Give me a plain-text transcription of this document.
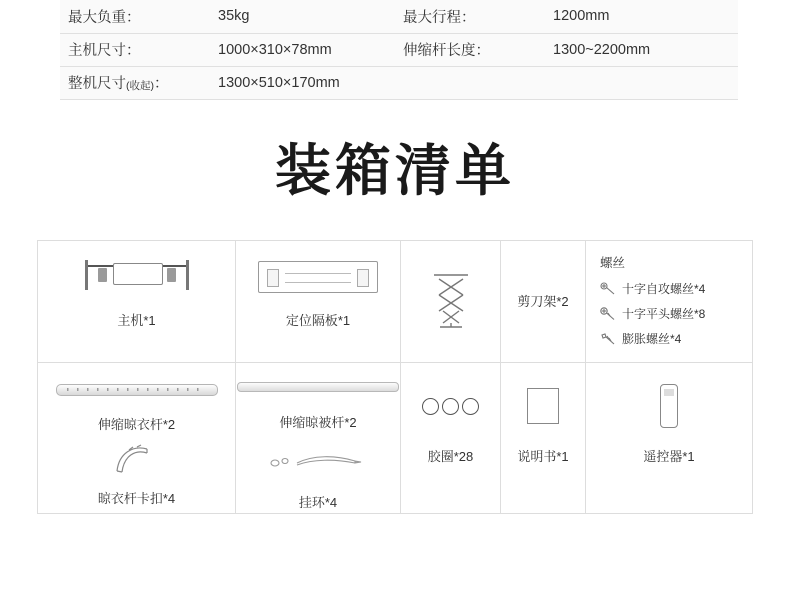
最大负重：	35kg	最大行程：	1200mm
主机尺寸：	1000×310×78mm	伸缩杆长度：	1300~2200mm
整机尺寸(收起)：	1300×510×170mm		
装箱清单
主机*1	定位隔板*1
剪刀架*2
螺丝
十字自攻螺丝*4
十字平头螺丝*8
膨胀螺丝*4
伸缩晾衣杆*2
晾衣杆卡扣*4
伸缩晾被杆*2
挂环*4
胶圈*28	说明书*1	遥控器*1
